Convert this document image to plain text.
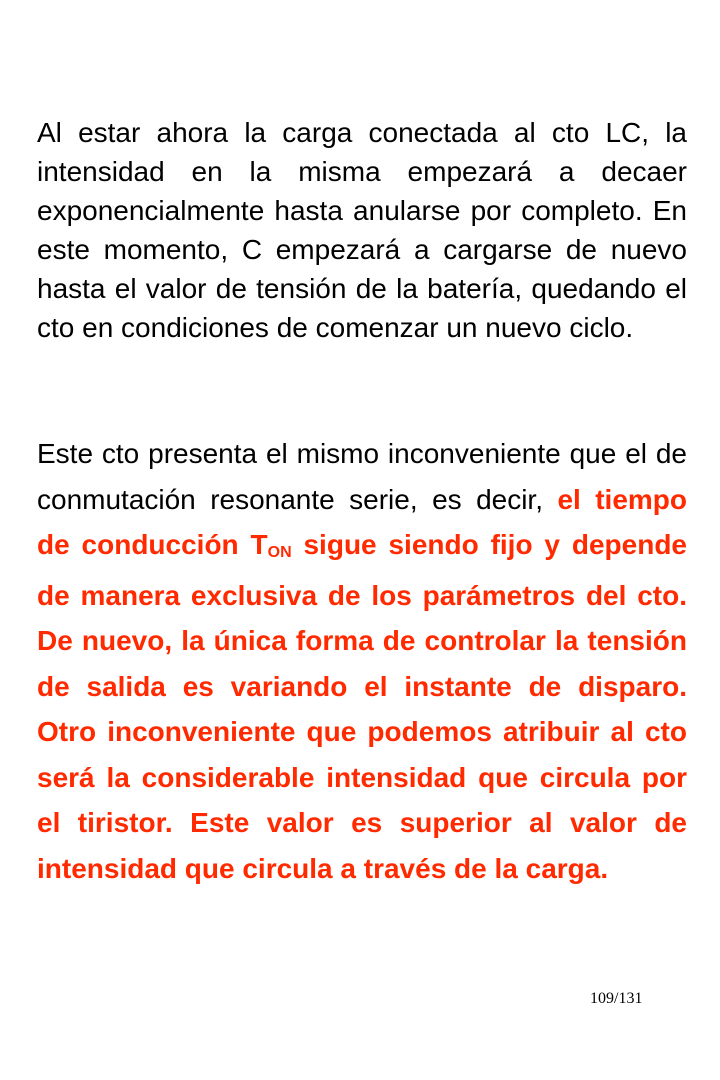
Al estar ahora la carga conectada al cto LC, la intensidad en la misma empezará a decaer exponencialmente hasta anularse por completo. En este momento, C empezará a cargarse de nuevo hasta el valor de tensión de la batería, quedando el cto en condiciones de comenzar un nuevo ciclo.

Este cto presenta el mismo inconveniente que el de conmutación resonante serie, es decir, el tiempo de conducción $T_{ON}$ sigue siendo fijo y depende de manera exclusiva de los parámetros del cto. De nuevo, la única forma de controlar la tensión de salida es variando el instante de disparo. Otro inconveniente que podemos atribuir al cto será la considerable intensidad que circula por el tiristor. Este valor es superior al valor de intensidad que circula a través de la carga.

109/131
